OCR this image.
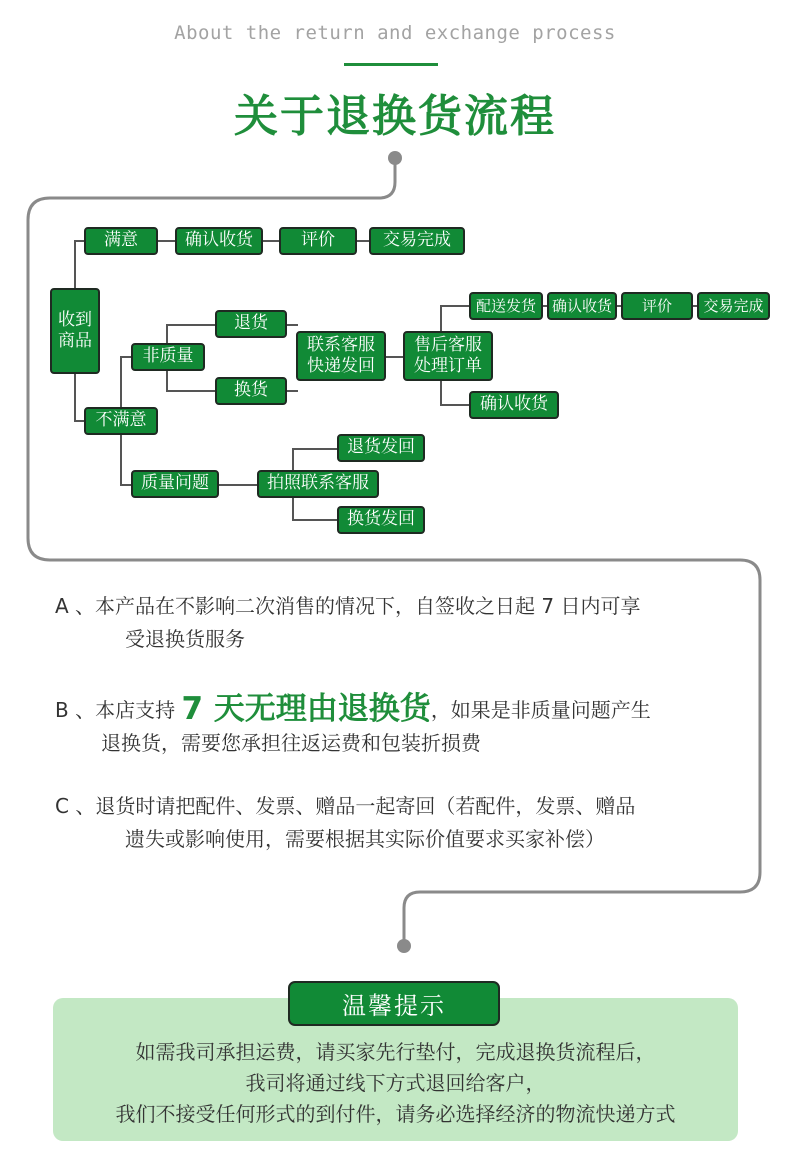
About the return and exchange process
关于退换货流程
收到
商品
满意	确认收货	评价	交易完成
不满意
非质量
退货
换货
联系客服
快递发回
售后客服
处理订单
配送发货	确认收货	评价	交易完成
确认收货
质量问题	拍照联系客服
退货发回
换货发回
A 、本产品在不影响二次消售的情况下，自签收之日起 7 日内可享
受退换货服务
B 、本店支持 7 天无理由退换货，如果是非质量问题产生
退换货，需要您承担往返运费和包装折损费
C 、退货时请把配件、发票、赠品一起寄回（若配件，发票、赠品
遗失或影响使用，需要根据其实际价值要求买家补偿）
温馨提示
如需我司承担运费，请买家先行垫付，完成退换货流程后，
我司将通过线下方式退回给客户，
我们不接受任何形式的到付件，请务必选择经济的物流快递方式
